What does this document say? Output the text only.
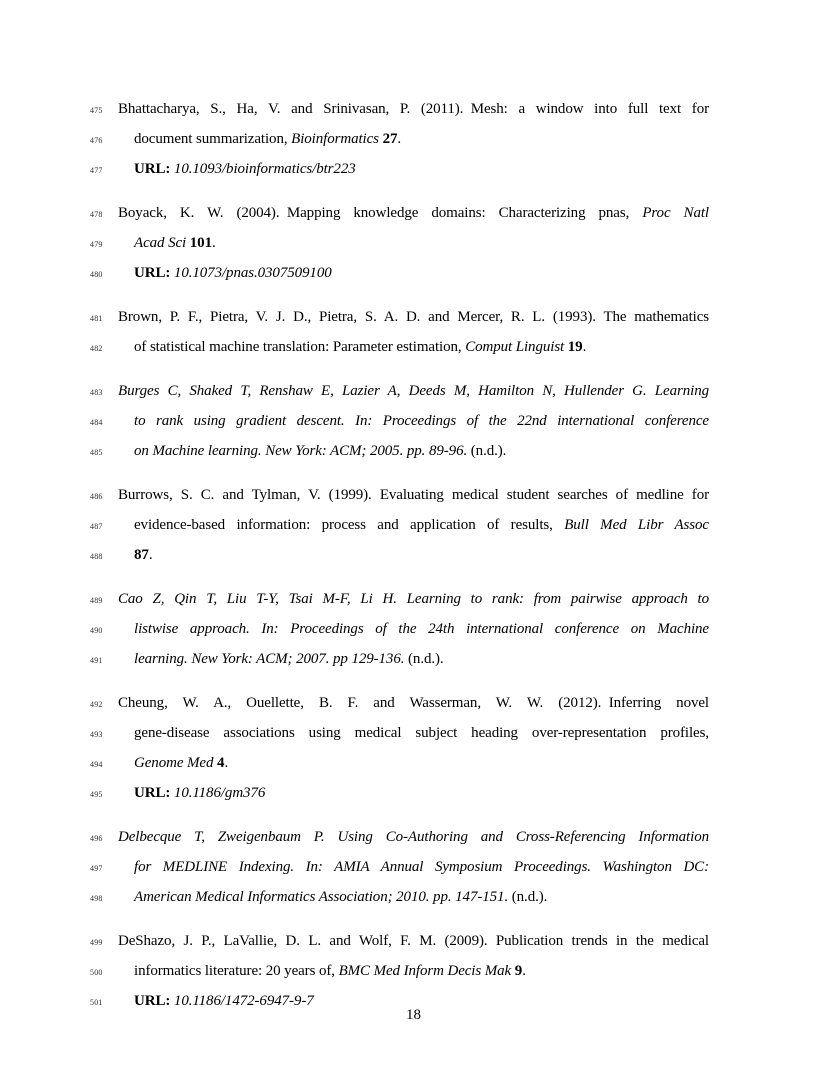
475	Bhattacharya, S., Ha, V. and Srinivasan, P. (2011). Mesh: a window into full text for
476	document summarization, Bioinformatics 27.
477	URL: 10.1093/bioinformatics/btr223
478	Boyack, K. W. (2004). Mapping knowledge domains: Characterizing pnas, Proc Natl
479	Acad Sci 101.
480	URL: 10.1073/pnas.0307509100
481	Brown, P. F., Pietra, V. J. D., Pietra, S. A. D. and Mercer, R. L. (1993). The mathematics
482	of statistical machine translation: Parameter estimation, Comput Linguist 19.
483	Burges C, Shaked T, Renshaw E, Lazier A, Deeds M, Hamilton N, Hullender G. Learning
484	to rank using gradient descent. In: Proceedings of the 22nd international conference
485	on Machine learning. New York: ACM; 2005. pp. 89-96. (n.d.).
486	Burrows, S. C. and Tylman, V. (1999). Evaluating medical student searches of medline for
487	evidence-based information: process and application of results, Bull Med Libr Assoc
488	87.
489	Cao Z, Qin T, Liu T-Y, Tsai M-F, Li H. Learning to rank: from pairwise approach to
490	listwise approach. In: Proceedings of the 24th international conference on Machine
491	learning. New York: ACM; 2007. pp 129-136. (n.d.).
492	Cheung, W. A., Ouellette, B. F. and Wasserman, W. W. (2012). Inferring novel
493	gene-disease associations using medical subject heading over-representation profiles,
494	Genome Med 4.
495	URL: 10.1186/gm376
496	Delbecque T, Zweigenbaum P. Using Co-Authoring and Cross-Referencing Information
497	for MEDLINE Indexing. In: AMIA Annual Symposium Proceedings. Washington DC:
498	American Medical Informatics Association; 2010. pp. 147-151. (n.d.).
499	DeShazo, J. P., LaVallie, D. L. and Wolf, F. M. (2009). Publication trends in the medical
500	informatics literature: 20 years of, BMC Med Inform Decis Mak 9.
501	URL: 10.1186/1472-6947-9-7
18
